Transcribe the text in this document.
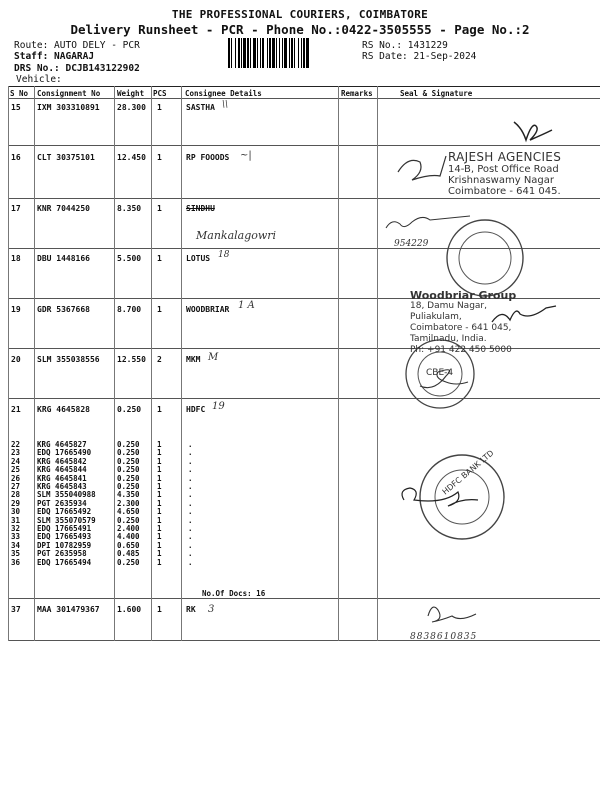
THE PROFESSIONAL COURIERS, COIMBATORE
Delivery Runsheet - PCR - Phone No.:0422-3505555 - Page No.:2
Route: AUTO DELY - PCR
Staff: NAGARAJ
DRS No.: DCJB143122902
Vehicle:
RS No.: 1431229
RS Date: 21-Sep-2024
S No Consignment No Weight PCS Consignee Details	Remarks	Seal & Signature
15 IXM 303310891 28.300 1	SASTHA
16 CLT 30375101	12.450 1	RP FOOODS
17 KNR 7044250	8.350 1	SINDHU
18 DBU 1448166	5.500 1	LOTUS
19 GDR 5367668	8.700 1	WOODBRIAR
20 SLM 355038556 12.550 2	MKM
21 KRG 4645828	0.250 1	HDFC
22 KRG 4645827	0.250 1	.
23 EDQ 17665490	0.250 1	.
24 KRG 4645842	0.250 1	.
25 KRG 4645844	0.250 1	.
26 KRG 4645841	0.250 1	.
27 KRG 4645843	0.250 1	.
28 SLM 355040988	4.350 1	.
29 PGT 2635934	2.300 1	.
30 EDQ 17665492	4.650 1	.
31 SLM 355070579	0.250 1	.
32 EDQ 17665491	2.400 1	.
33 EDQ 17665493	4.400 1	.
34 DPI 10782959	0.650 1	.
35 PGT 2635958	0.485 1	.
36 EDQ 17665494	0.250 1	.
No.Of Docs: 16
37 MAA 301479367 1.600 1	RK
\\
~|
Mankalagowri
18
1 A
M
19
3
954229
8838610835
RAJESH AGENCIES
14-B, Post Office Road
Krishnaswamy Nagar
Coimbatore - 641 045.
Woodbriar Group
18, Damu Nagar,
Puliakulam,
Coimbatore - 641 045,
Tamilnadu, India.
Ph: +91 422 450 5000
CBE-4
HDFC BANK LTD
